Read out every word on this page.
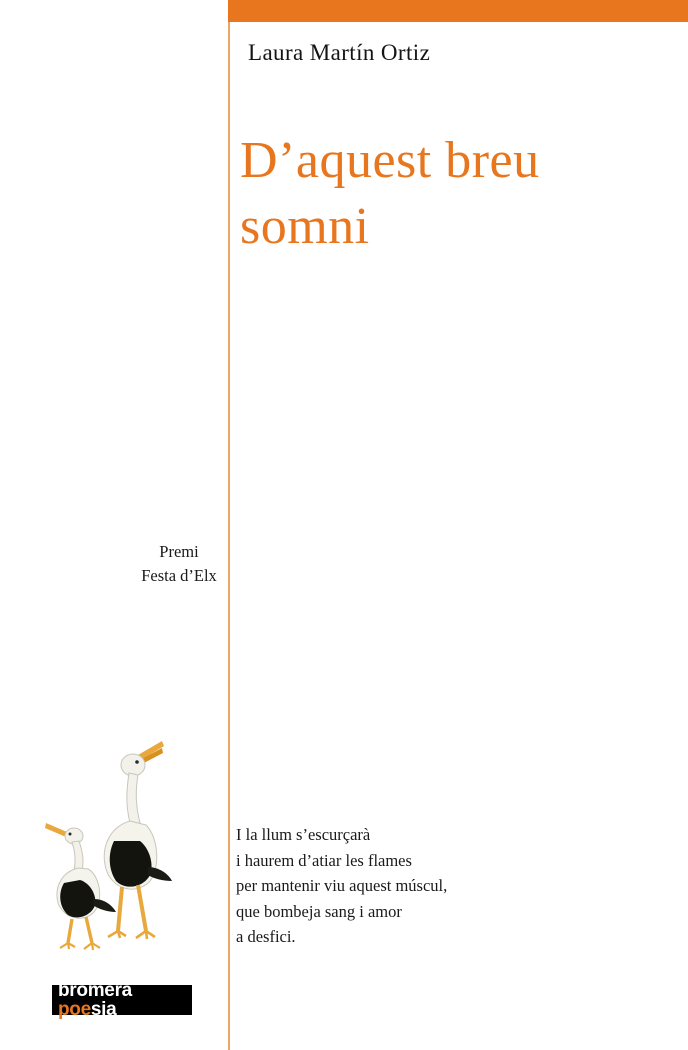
Laura Martín Ortiz
D’aquest breu
somni
Premi
Festa d’Elx
I la llum s’escurçarà
i haurem d’atiar les flames
per mantenir viu aquest múscul,
que bombeja sang i amor
a desfici.
bromerapoesia
